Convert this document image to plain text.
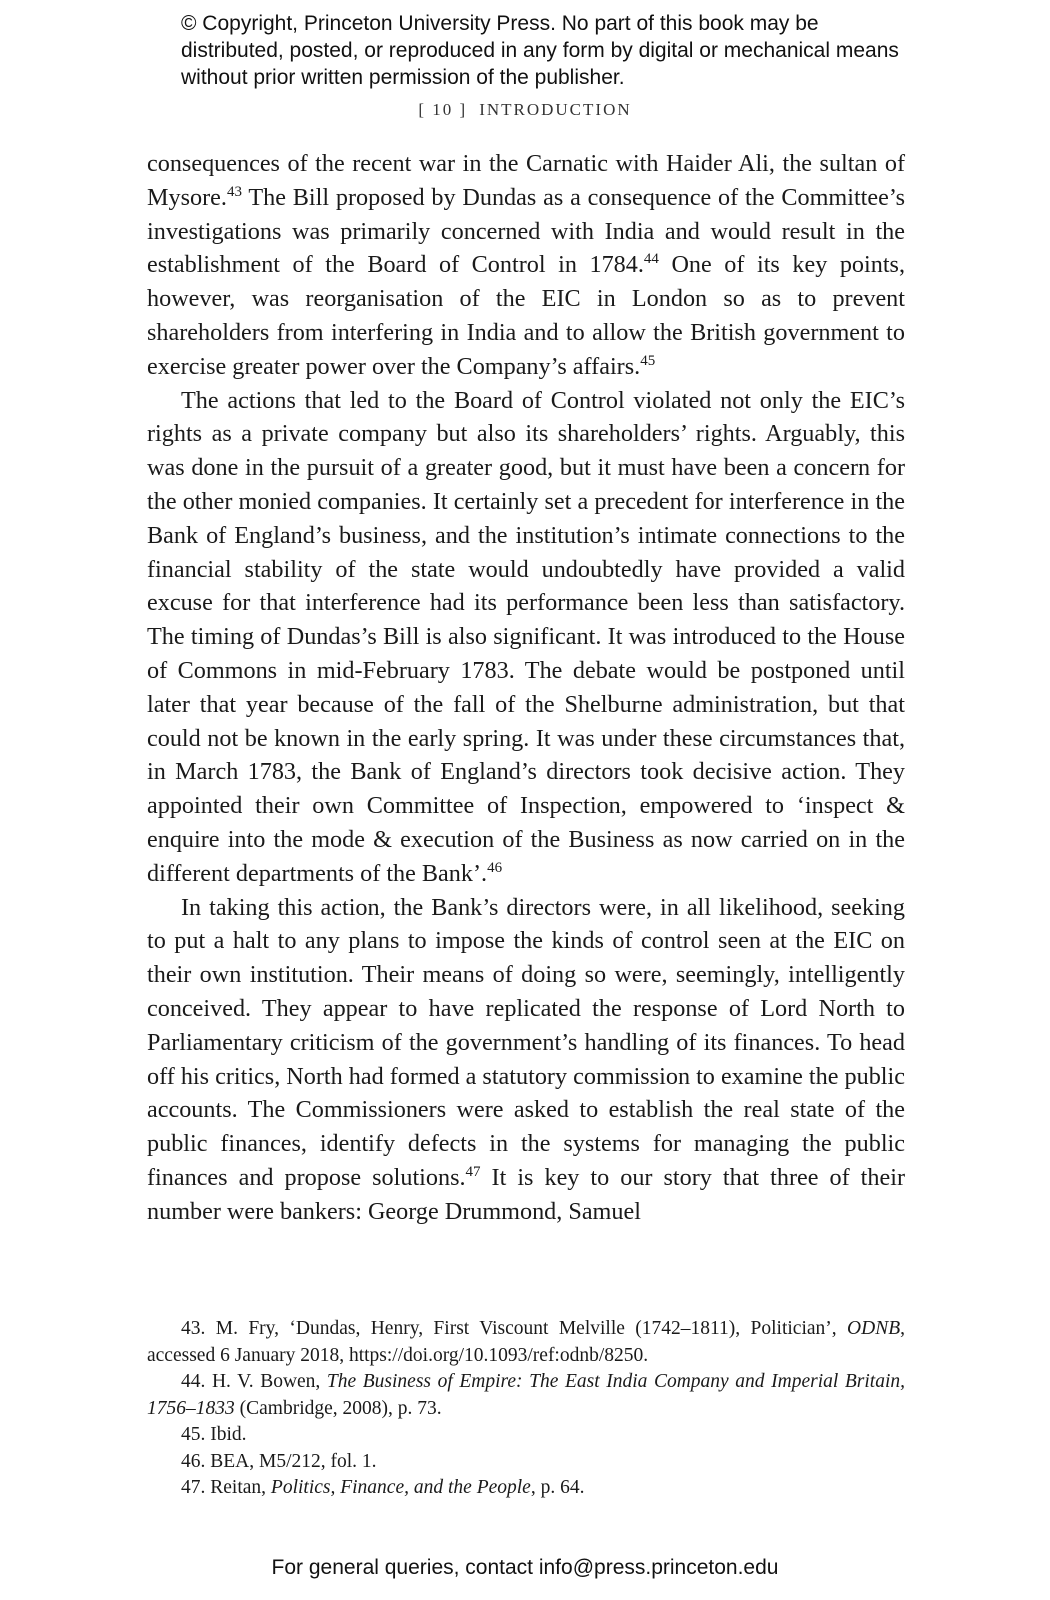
© Copyright, Princeton University Press. No part of this book may be distributed, posted, or reproduced in any form by digital or mechanical means without prior written permission of the publisher.
[ 10 ] INTRODUCTION

consequences of the recent war in the Carnatic with Haider Ali, the sultan of Mysore.$^{43}$ The Bill proposed by Dundas as a consequence of the Committee’s investigations was primarily concerned with India and would result in the establishment of the Board of Control in 1784.44 One of its key points, however, was reorganisation of the EIC in London so as to prevent shareholders from interfering in India and to allow the British government to exercise greater power over the Company’s affairs.$^{45}$

The actions that led to the Board of Control violated not only the EIC’s rights as a private company but also its shareholders’ rights. Arguably, this was done in the pursuit of a greater good, but it must have been a concern for the other monied companies. It certainly set a precedent for interference in the Bank of England’s business, and the institution’s intimate connections to the financial stability of the state would undoubtedly have provided a valid excuse for that interference had its performance been less than satisfactory. The timing of Dundas’s Bill is also significant. It was introduced to the House of Commons in mid-February 1783. The debate would be postponed until later that year because of the fall of the Shelburne administration, but that could not be known in the early spring. It was under these circumstances that, in March 1783, the Bank of England’s directors took decisive action. They appointed their own Committee of Inspection, empowered to ‘inspect & enquire into the mode & execution of the Business as now carried on in the different departments of the Bank’.$^{46}$

In taking this action, the Bank’s directors were, in all likelihood, seeking to put a halt to any plans to impose the kinds of control seen at the EIC on their own institution. Their means of doing so were, seemingly, intelligently conceived. They appear to have replicated the response of Lord North to Parliamentary criticism of the government’s handling of its finances. To head off his critics, North had formed a statutory commission to examine the public accounts. The Commissioners were asked to establish the real state of the public finances, identify defects in the systems for managing the public finances and propose solutions.$^{47}$ It is key to our story that three of their number were bankers: George Drummond, Samuel

43. M. Fry, ‘Dundas, Henry, First Viscount Melville (1742–1811), Politician’, ODNB, accessed 6 January 2018, https://doi.org/10.1093/ref:odnb/8250.

44. H. V. Bowen, The Business of Empire: The East India Company and Imperial Britain, 1756–1833 (Cambridge, 2008), p. 73.

45. Ibid.

46. BEA, M5/212, fol. 1.

47. Reitan, Politics, Finance, and the People, p. 64.

For general queries, contact info@press.princeton.edu
